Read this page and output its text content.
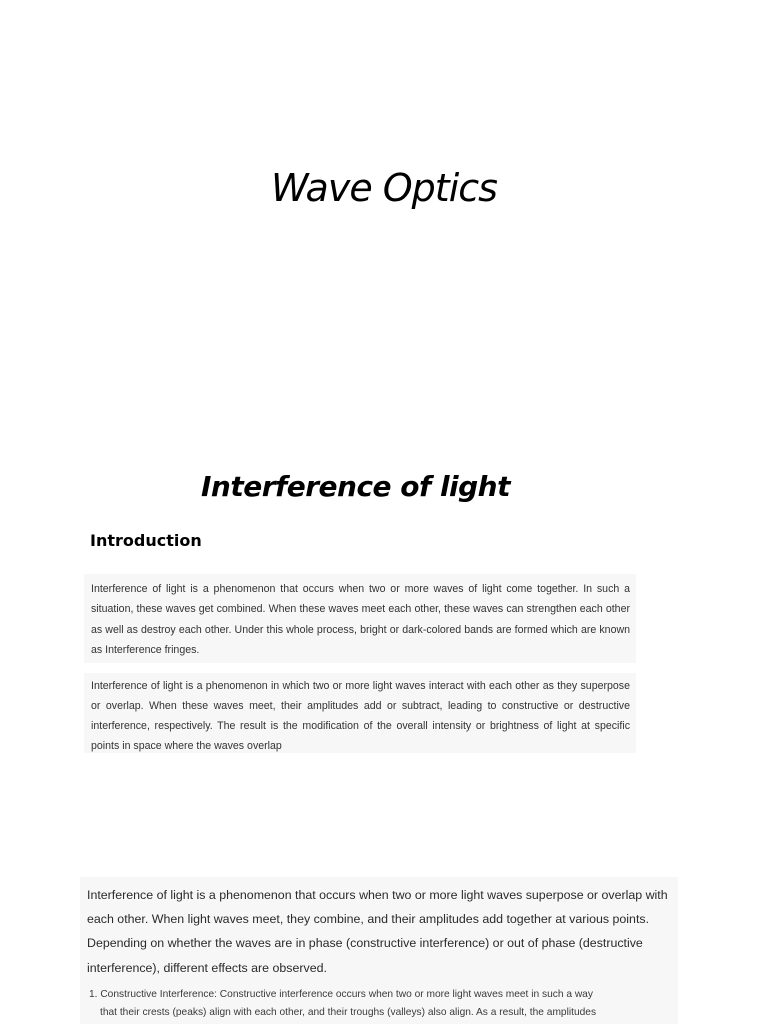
Wave Optics
Interference of light
Introduction
Interference of light is a phenomenon that occurs when two or more waves of light come together. In such a situation, these waves get combined. When these waves meet each other, these waves can strengthen each other as well as destroy each other. Under this whole process, bright or dark-colored bands are formed which are known as Interference fringes.
Interference of light is a phenomenon in which two or more light waves interact with each other as they superpose or overlap. When these waves meet, their amplitudes add or subtract, leading to constructive or destructive interference, respectively. The result is the modification of the overall intensity or brightness of light at specific points in space where the waves overlap

Interference of light is a phenomenon that occurs when two or more light waves superpose or overlap with each other. When light waves meet, they combine, and their amplitudes add together at various points. Depending on whether the waves are in phase (constructive interference) or out of phase (destructive interference), different effects are observed.

1. Constructive Interference: Constructive interference occurs when two or more light waves meet in such a way
that their crests (peaks) align with each other, and their troughs (valleys) also align. As a result, the amplitudes
